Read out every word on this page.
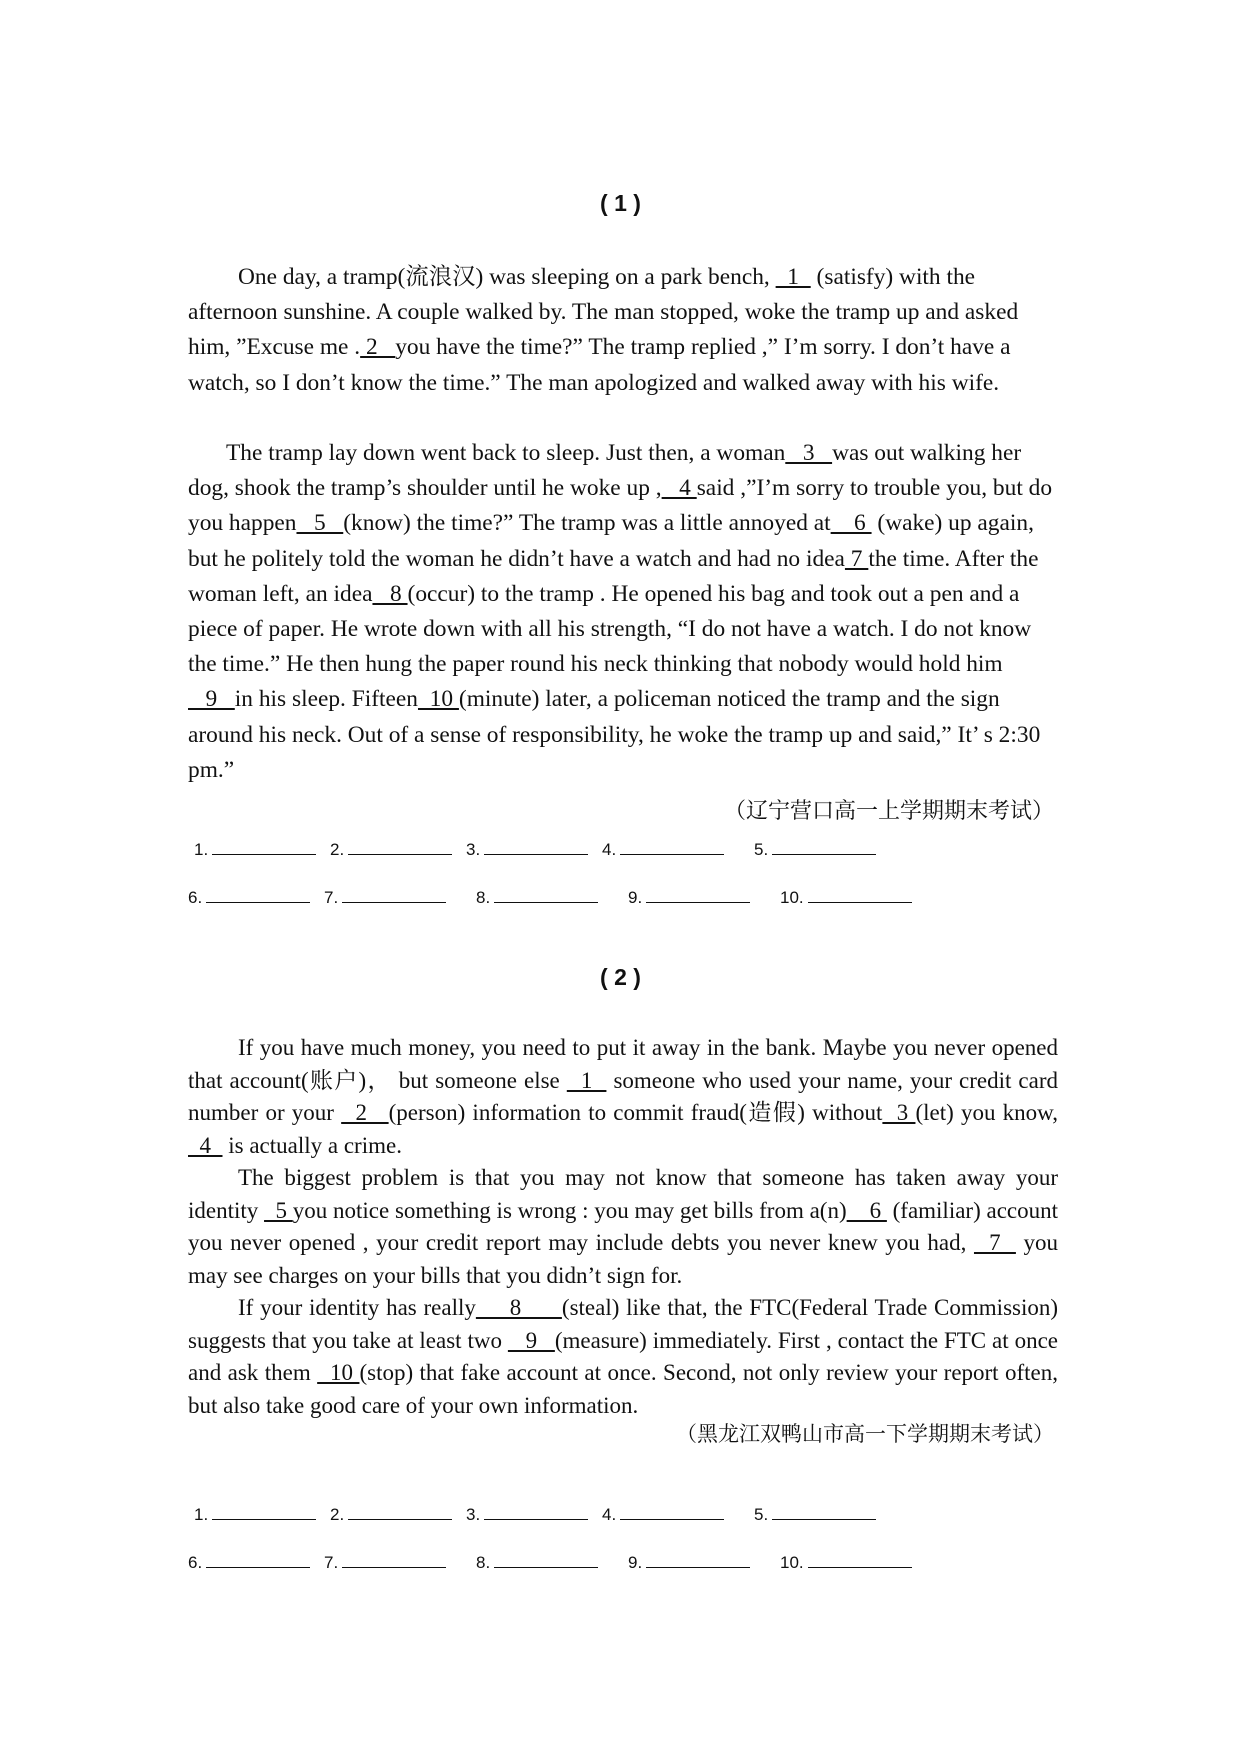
( 1 )
One day, a tramp(流浪汉) was sleeping on a park bench,   1   (satisfy) with the afternoon sunshine. A couple walked by. The man stopped, woke the tramp up and asked him, ”Excuse me . 2   you have the time?” The tramp replied ,” I’m sorry. I don’t have a watch, so I don’t know the time.” The man apologized and walked away with his wife.
The tramp lay down went back to sleep. Just then, a woman   3   was out walking her dog, shook the tramp’s shoulder until he woke up ,   4 said ,”I’m sorry to trouble you, but do you happen   5   (know) the time?” The tramp was a little annoyed at    6  (wake) up again, but he politely told the woman he didn’t have a watch and had no idea 7 the time. After the woman left, an idea   8 (occur) to the tramp . He opened his bag and took out a pen and a piece of paper. He wrote down with all his strength, “I do not have a watch. I do not know the time.” He then hung the paper round his neck thinking that nobody would hold him   9   in his sleep. Fifteen  10 (minute) later, a policeman noticed the tramp and the sign around his neck. Out of a sense of responsibility, he woke the tramp up and said,” It’ s 2:30 pm.”
（辽宁营口高一上学期期末考试）
1.	2.	3.	4.	5.
6.	7.	8.	9.	10.
( 2 )
If you have much money, you need to put it away in the bank. Maybe you never opened that account(账户)， but someone else   1   someone who used your name, your credit card number or your   2   (person) information to commit fraud(造假) without  3 (let) you know,   4   is actually a crime.
The biggest problem is that you may not know that someone has taken away your identity   5 you notice something is wrong : you may get bills from a(n)    6  (familiar) account you never opened , your credit report may include debts you never knew you had,   7   you may see charges on your bills that you didn’t sign for.
If your identity has really     8      (steal) like that, the FTC(Federal Trade Commission) suggests that you take at least two    9   (measure) immediately. First , contact the FTC at once and ask them   10 (stop) that fake account at once. Second, not only review your report often, but also take good care of your own information.
（黑龙江双鸭山市高一下学期期末考试）
1.	2.	3.	4.	5.
6.	7.	8.	9.	10.
